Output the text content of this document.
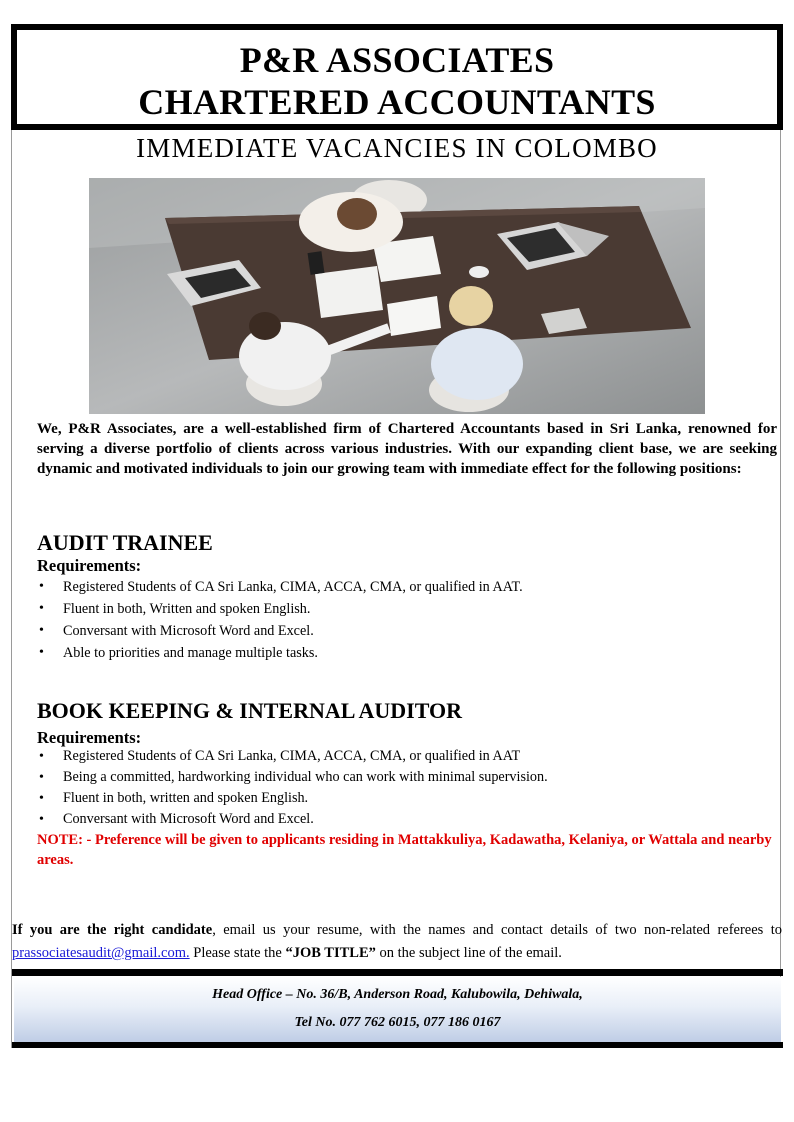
P&R ASSOCIATES
CHARTERED ACCOUNTANTS
IMMEDIATE VACANCIES IN COLOMBO
We, P&R Associates, are a well-established firm of Chartered Accountants based in Sri Lanka, renowned for serving a diverse portfolio of clients across various industries. With our expanding client base, we are seeking dynamic and motivated individuals to join our growing team with immediate effect for the following positions:
AUDIT TRAINEE
Requirements:
• Registered Students of CA Sri Lanka, CIMA, ACCA, CMA, or qualified in AAT.
• Fluent in both, Written and spoken English.
• Conversant with Microsoft Word and Excel.
• Able to priorities and manage multiple tasks.
BOOK KEEPING & INTERNAL AUDITOR
Requirements:
• Registered Students of CA Sri Lanka, CIMA, ACCA, CMA, or qualified in AAT
• Being a committed, hardworking individual who can work with minimal supervision.
• Fluent in both, written and spoken English.
• Conversant with Microsoft Word and Excel.
NOTE: - Preference will be given to applicants residing in Mattakkuliya, Kadawatha, Kelaniya, or Wattala and nearby areas.
If you are the right candidate, email us your resume, with the names and contact details of two non-related referees to prassociatesaudit@gmail.com. Please state the “JOB TITLE” on the subject line of the email.
Head Office – No. 36/B, Anderson Road, Kalubowila, Dehiwala,
Tel No. 077 762 6015, 077 186 0167
